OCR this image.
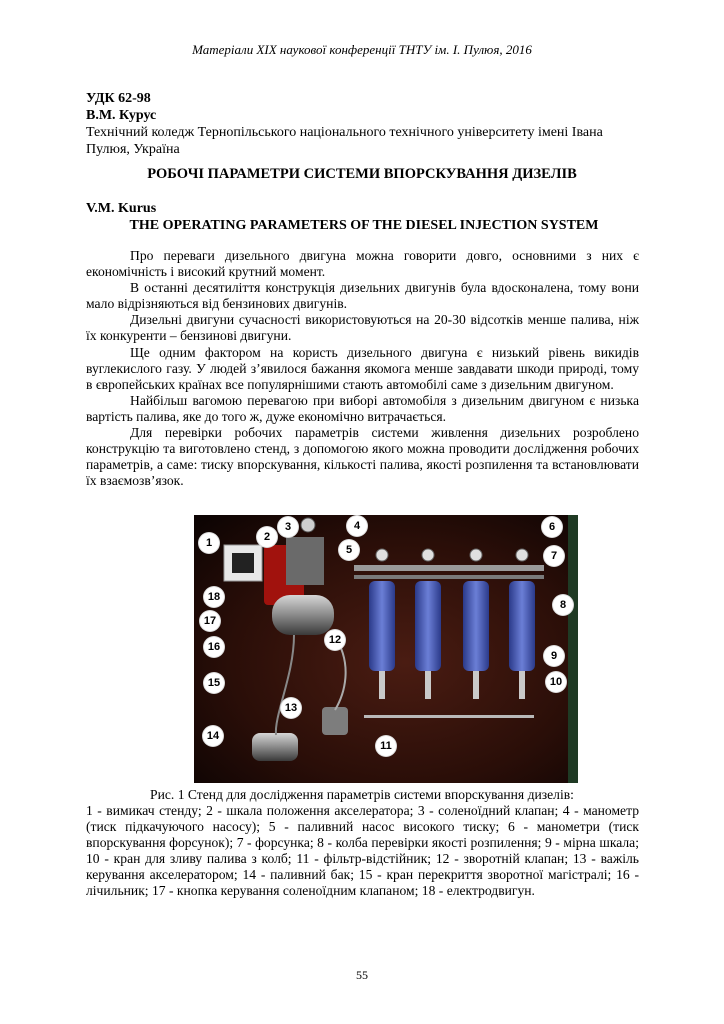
Матеріали XIX наукової конференції ТНТУ ім. І. Пулюя, 2016
УДК 62-98
В.М. Курус
Технічний коледж Тернопільського національного технічного університету імені Івана
Пулюя, Україна
РОБОЧІ ПАРАМЕТРИ СИСТЕМИ ВПОРСКУВАННЯ ДИЗЕЛІВ
V.M. Kurus
THE OPERATING PARAMETERS OF THE DIESEL INJECTION SYSTEM

Про переваги дизельного двигуна можна говорити довго, основними з них є економічність і високий крутний момент.

В останні десятиліття конструкція дизельних двигунів була вдосконалена, тому вони мало відрізняються від бензинових двигунів.

Дизельні двигуни сучасності використовуються на 20-30 відсотків менше палива, ніж їх конкуренти – бензинові двигуни.

Ще одним фактором на користь дизельного двигуна є низький рівень викидів вуглекислого газу. У людей з’явилося бажання якомога менше завдавати шкоди природі, тому в європейських країнах все популярнішими стають автомобілі саме з дизельним двигуном.

Найбільш вагомою перевагою при виборі автомобіля з дизельним двигуном є низька вартість палива, яке до того ж, дуже економічно витрачається.

Для перевірки робочих параметрів системи живлення дизельних розроблено конструкцію та виготовлено стенд, з допомогою якого можна проводити дослідження робочих параметрів, а саме: тиску впорскування, кількості палива, якості розпилення та встановлювати їх взаємозв’язок.

1	2
3	4
5
6
7
8
9
10
11
12
13
14
15
16
17
18
Рис. 1 Стенд для дослідження параметрів системи впорскування дизелів:
1 - вимикач стенду; 2 - шкала положення акселератора; 3 - соленоїдний клапан; 4 - манометр (тиск підкачуючого насосу); 5 - паливний насос високого тиску; 6 - манометри (тиск впорскування форсунок); 7 - форсунка; 8 - колба перевірки якості розпилення; 9 - мірна шкала; 10 - кран для зливу палива з колб; 11 - фільтр-відстійник; 12 - зворотній клапан; 13 - важіль керування акселератором; 14 - паливний бак; 15 - кран перекриття зворотної магістралі; 16 - лічильник; 17 - кнопка керування соленоїдним клапаном; 18 - електродвигун.
55
